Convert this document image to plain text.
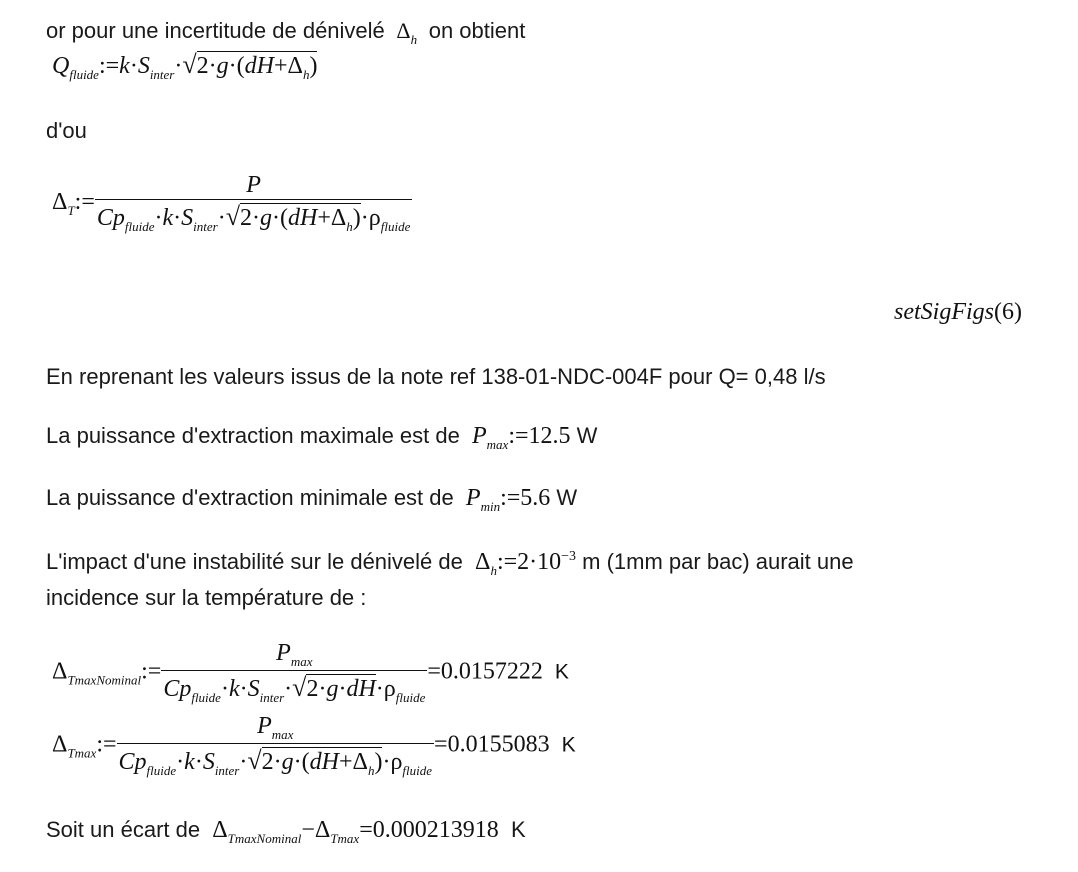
or pour une incertitude de dénivelé  $\Delta_h$ on obtient
$Q_{fluide}:=k\cdot S_{inter}\cdot√2\cdot g\cdot(dH+\Delta_h)$
d'ou
$\Delta_T:= \frac{P}{Cp_{fluide}\cdot k\cdot S_{inter}\cdot√2\cdot g\cdot(dH+\Delta_h)\cdot\rho_{fluide}}$
setSigFigs(6)
En reprenant les valeurs issus de la note ref 138-01-NDC-004F pour Q= 0,48 l/s
La puissance d'extraction maximale est de  $P_{max}:=12.5$ W
La puissance d'extraction minimale est de  $P_{min}:=5.6$ W
L'impact d'une instabilité sur le dénivelé de $\Delta_h:=2\cdot 10^{-3}$ m (1mm par bac) aurait une
incidence sur la température de :
$\Delta_{TmaxNominal}:= \frac{P_{max}}{Cp_{fluide}\cdot k\cdot S_{inter}\cdot√2\cdot g\cdot dH\cdot\rho_{fluide}} =0.0157222$ K
$\Delta_{Tmax}:= \frac{P_{max}}{Cp_{fluide}\cdot k\cdot S_{inter}\cdot√2\cdot g\cdot(dH+\Delta_h)\cdot\rho_{fluide}} =0.0155083$ K
Soit un écart de $\Delta_{TmaxNominal}-\Delta_{Tmax}=0.000213918$ K
